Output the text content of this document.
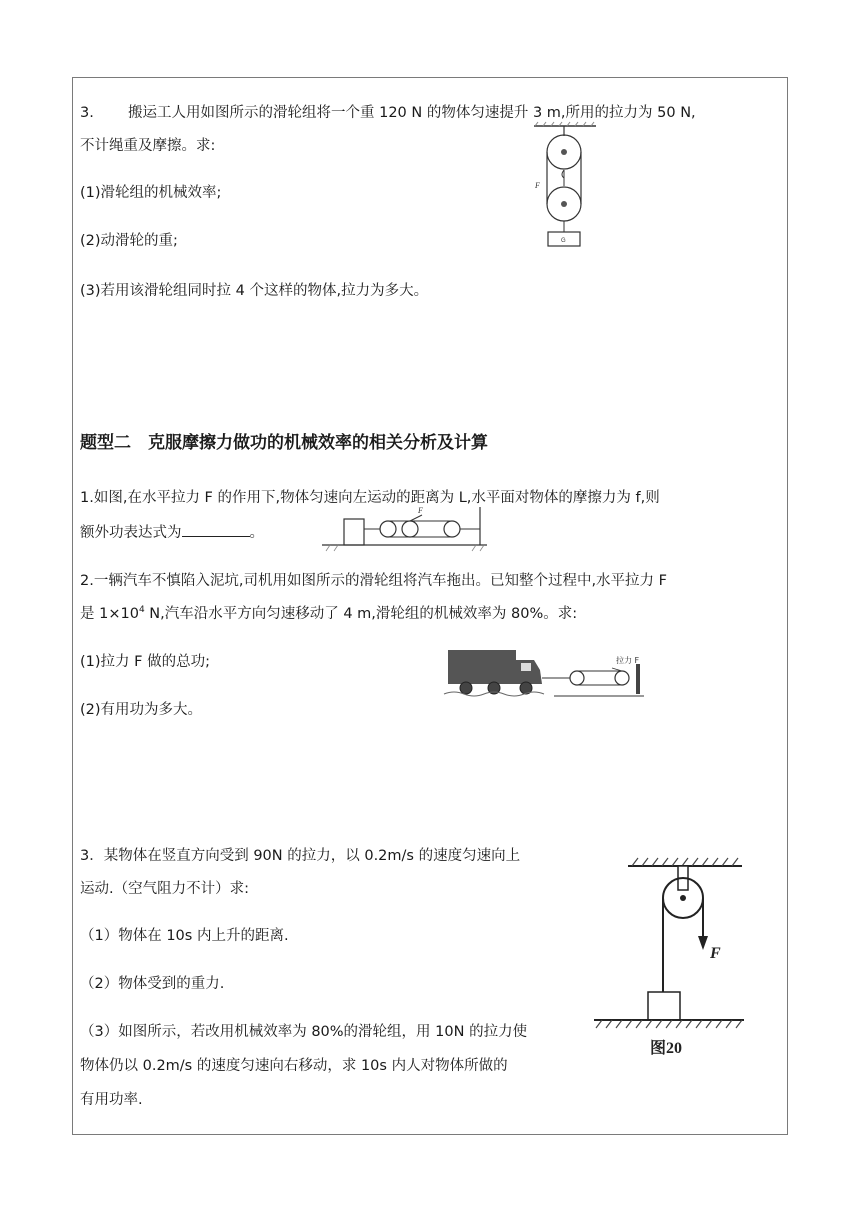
3. 搬运工人用如图所示的滑轮组将一个重 120 N 的物体匀速提升 3 m,所用的拉力为 50 N,
不计绳重及摩擦。求:
(1)滑轮组的机械效率;
(2)动滑轮的重;
(3)若用该滑轮组同时拉 4 个这样的物体,拉力为多大。
F
G
题型二　克服摩擦力做功的机械效率的相关分析及计算
1.如图,在水平拉力 F 的作用下,物体匀速向左运动的距离为 L,水平面对物体的摩擦力为 f,则
额外功表达式为	。
F
2.一辆汽车不慎陷入泥坑,司机用如图所示的滑轮组将汽车拖出。已知整个过程中,水平拉力 F
是 $1\times 10^4$ N,汽车沿水平方向匀速移动了 4 m,滑轮组的机械效率为 80%。求:
(1)拉力 F 做的总功;
(2)有用功为多大。
拉力 F
3．某物体在竖直方向受到 90N 的拉力，以 0.2m/s 的速度匀速向上
运动.（空气阻力不计）求:
（1）物体在 10s 内上升的距离.
（2）物体受到的重力.
（3）如图所示，若改用机械效率为 80%的滑轮组，用 10N 的拉力使
物体仍以 0.2m/s 的速度匀速向右移动，求 10s 内人对物体所做的
有用功率.
F
图20
